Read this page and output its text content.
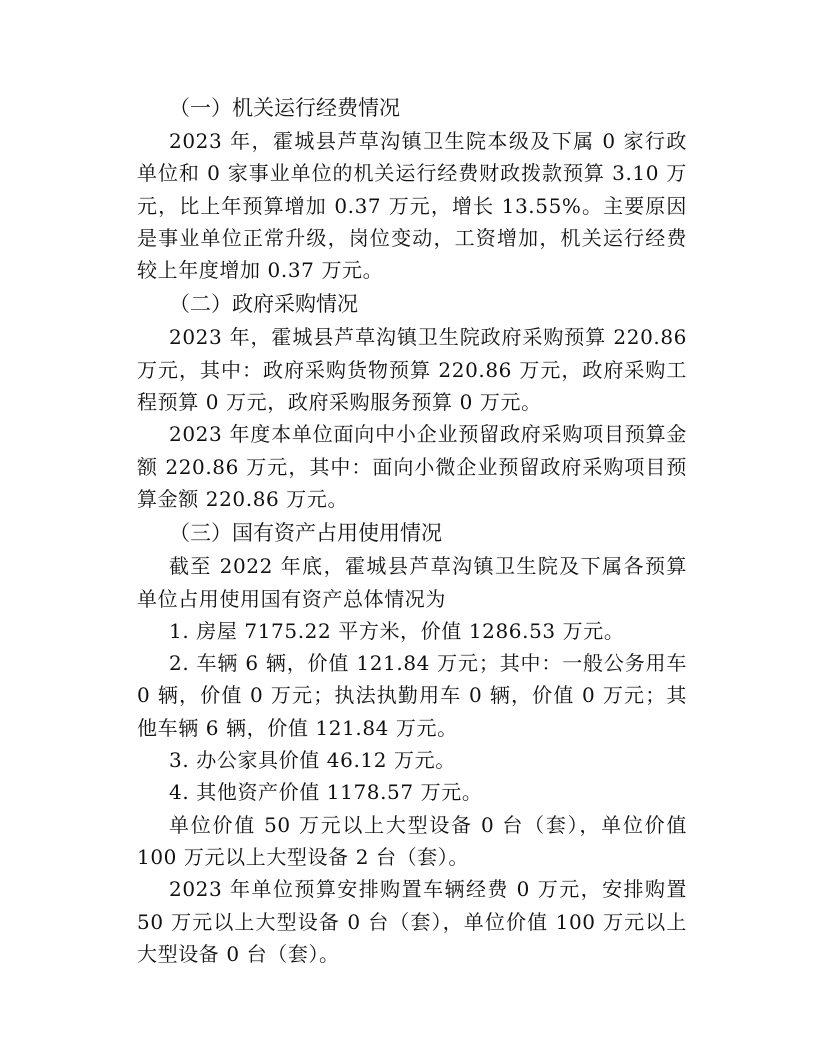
（一）机关运行经费情况

2023 年，霍城县芦草沟镇卫生院本级及下属 0 家行政单位和 0 家事业单位的机关运行经费财政拨款预算 3.10 万元，比上年预算增加 0.37 万元，增长 13.55%。主要原因是事业单位正常升级，岗位变动，工资增加，机关运行经费较上年度增加 0.37 万元。

（二）政府采购情况

2023 年，霍城县芦草沟镇卫生院政府采购预算 220.86 万元，其中：政府采购货物预算 220.86 万元，政府采购工程预算 0 万元，政府采购服务预算 0 万元。

2023 年度本单位面向中小企业预留政府采购项目预算金额 220.86 万元，其中：面向小微企业预留政府采购项目预算金额 220.86 万元。

（三）国有资产占用使用情况

截至 2022 年底，霍城县芦草沟镇卫生院及下属各预算单位占用使用国有资产总体情况为

1. 房屋 7175.22 平方米，价值 1286.53 万元。

2. 车辆 6 辆，价值 121.84 万元；其中：一般公务用车 0 辆，价值 0 万元；执法执勤用车 0 辆，价值 0 万元；其他车辆 6 辆，价值 121.84 万元。

3. 办公家具价值 46.12 万元。

4. 其他资产价值 1178.57 万元。

单位价值 50 万元以上大型设备 0 台（套），单位价值 100 万元以上大型设备 2 台（套）。

2023 年单位预算安排购置车辆经费 0 万元，安排购置 50 万元以上大型设备 0 台（套），单位价值 100 万元以上大型设备 0 台（套）。
